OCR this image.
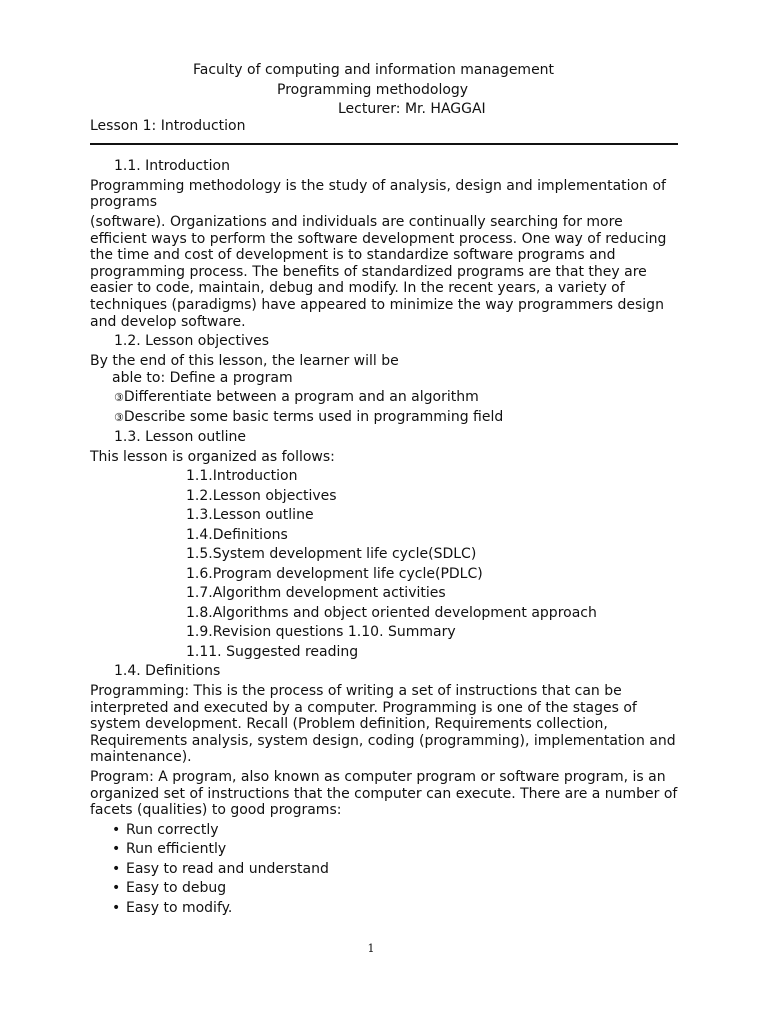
Faculty of computing and information management
Programming methodology
Lecturer: Mr. HAGGAI
Lesson 1: Introduction
1.1. Introduction
Programming methodology is the study of analysis, design and implementation of
programs
(software). Organizations and individuals are continually searching for more efficient ways to perform the software development process. One way of reducing the time and cost of development is to standardize software programs and programming process. The benefits of standardized programs are that they are easier to code, maintain, debug and modify. In the recent years, a variety of techniques (paradigms) have appeared to minimize the way programmers design and develop software.
1.2. Lesson objectives
By the end of this lesson, the learner will be
able to: Define a program
③Differentiate between a program and an algorithm
③Describe some basic terms used in programming field
1.3. Lesson outline
This lesson is organized as follows:
1.1.Introduction
1.2.Lesson objectives
1.3.Lesson outline
1.4.Definitions
1.5.System development life cycle(SDLC)
1.6.Program development life cycle(PDLC)
1.7.Algorithm development activities
1.8.Algorithms and object oriented development approach
1.9.Revision questions 1.10. Summary
1.11. Suggested reading
1.4. Definitions
Programming: This is the process of writing a set of instructions that can be interpreted and executed by a computer. Programming is one of the stages of system development. Recall (Problem definition, Requirements collection, Requirements analysis, system design, coding (programming), implementation and maintenance).
Program: A program, also known as computer program or software program, is an organized set of instructions that the computer can execute. There are a number of facets (qualities) to good programs:
• Run correctly
• Run efficiently
• Easy to read and understand
• Easy to debug
• Easy to modify.
1
